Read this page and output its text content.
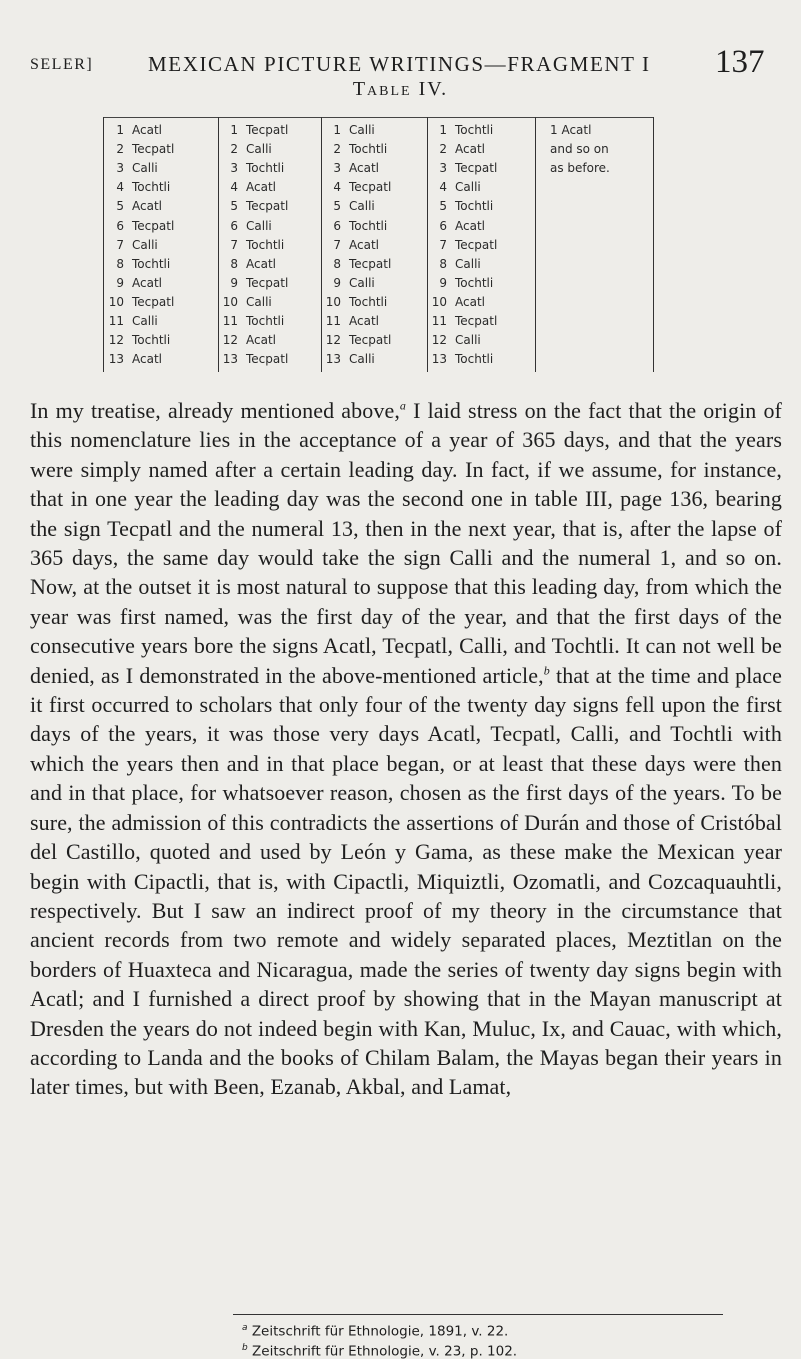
SELER]	MEXICAN PICTURE WRITINGS—FRAGMENT I 137
Table IV.
1 Acatl
and so on
as before.
1 Acatl
2 Tecpatl
3 Calli
4 Tochtli
5 Acatl
6 Tecpatl
7 Calli
8 Tochtli
9 Acatl
10 Tecpatl
11 Calli
12 Tochtli
13 Acatl
1 Tecpatl
2 Calli
3 Tochtli
4 Acatl
5 Tecpatl
6 Calli
7 Tochtli
8 Acatl
9 Tecpatl
10 Calli
11 Tochtli
12 Acatl
13 Tecpatl
1 Calli
2 Tochtli
3 Acatl
4 Tecpatl
5 Calli
6 Tochtli
7 Acatl
8 Tecpatl
9 Calli
10 Tochtli
11 Acatl
12 Tecpatl
13 Calli
1 Tochtli
2 Acatl
3 Tecpatl
4 Calli
5 Tochtli
6 Acatl
7 Tecpatl
8 Calli
9 Tochtli
10 Acatl
11 Tecpatl
12 Calli
13 Tochtli
In my treatise, already mentioned above,$^a$ I laid stress on the fact that the origin of this nomenclature lies in the acceptance of a year of 365 days, and that the years were simply named after a certain leading day. In fact, if we assume, for instance, that in one year the leading day was the second one in table III, page 136, bearing the sign Tecpatl and the numeral 13, then in the next year, that is, after the lapse of 365 days, the same day would take the sign Calli and the numeral 1, and so on. Now, at the outset it is most natural to suppose that this leading day, from which the year was first named, was the first day of the year, and that the first days of the consecutive years bore the signs Acatl, Tecpatl, Calli, and Tochtli. It can not well be denied, as I demonstrated in the above-mentioned article,$^b$ that at the time and place it first occurred to scholars that only four of the twenty day signs fell upon the first days of the years, it was those very days Acatl, Tecpatl, Calli, and Tochtli with which the years then and in that place began, or at least that these days were then and in that place, for whatsoever reason, chosen as the first days of the years. To be sure, the admission of this contradicts the assertions of Durán and those of Cristóbal del Castillo, quoted and used by León y Gama, as these make the Mexican year begin with Cipactli, that is, with Cipactli, Miquiztli, Ozomatli, and Cozcaquauhtli, respectively. But I saw an indirect proof of my theory in the circumstance that ancient records from two remote and widely separated places, Meztitlan on the borders of Huaxteca and Nicaragua, made the series of twenty day signs begin with Acatl; and I furnished a direct proof by showing that in the Mayan manuscript at Dresden the years do not indeed begin with Kan, Muluc, Ix, and Cauac, with which, according to Landa and the books of Chilam Balam, the Mayas began their years in later times, but with Been, Ezanab, Akbal, and Lamat,
$^a$ Zeitschrift für Ethnologie, 1891, v. 22.
$^b$ Zeitschrift für Ethnologie, v. 23, p. 102.
